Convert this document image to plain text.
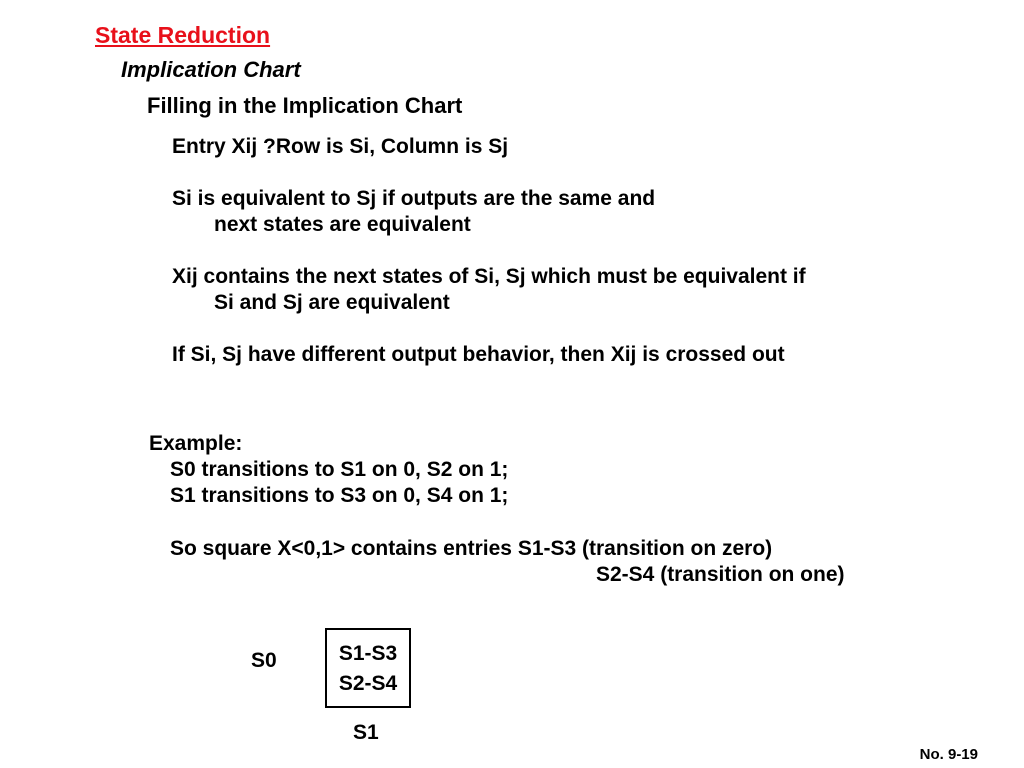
State Reduction
Implication Chart
Filling in the Implication Chart
Entry Xij ?Row is Si, Column is Sj
Si is equivalent to Sj if outputs are the same and
next states are equivalent
Xij contains the next states of Si, Sj which must be equivalent if
Si and Sj are equivalent
If Si, Sj have different output behavior, then Xij is crossed out
Example:
S0 transitions to S1 on 0, S2 on 1;
S1 transitions to S3 on 0, S4 on 1;
So square X<0,1> contains entries S1-S3 (transition on zero)
S2-S4 (transition on one)
S0	S1-S3
S2-S4
S1
No. 9-19
